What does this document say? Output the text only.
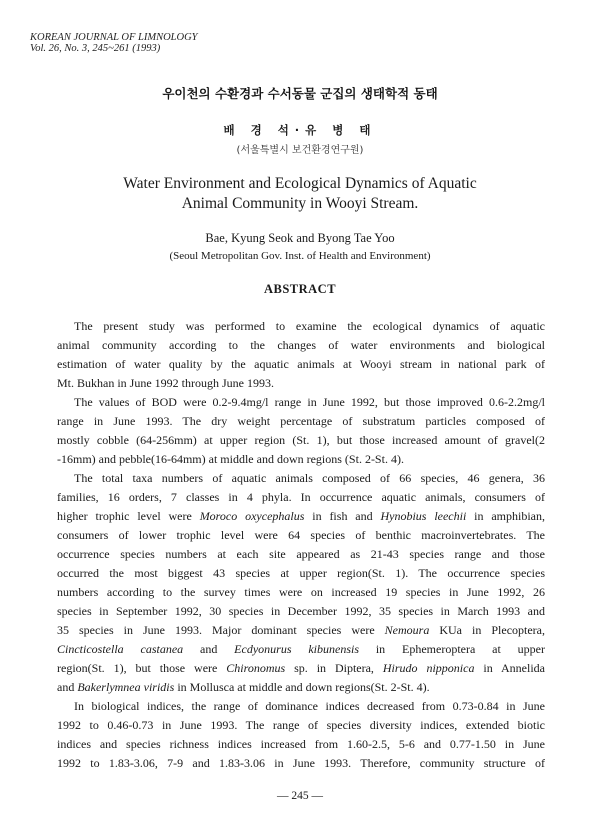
KOREAN JOURNAL OF LIMNOLOGY
Vol. 26, No. 3, 245~261 (1993)
우이천의 수환경과 수서동물 군집의 생태학적 동태
배 경 석·유 병 태
(서울특별시 보건환경연구원)
Water Environment and Ecological Dynamics of Aquatic
Animal Community in Wooyi Stream.
Bae, Kyung Seok and Byong Tae Yoo
(Seoul Metropolitan Gov. Inst. of Health and Environment)
ABSTRACT
The present study was performed to examine the ecological dynamics of aquatic
animal community according to the changes of water environments and biological
estimation of water quality by the aquatic animals at Wooyi stream in national park of
Mt. Bukhan in June 1992 through June 1993.
The values of BOD were 0.2-9.4mg/l range in June 1992, but those improved 0.6-2.2mg/l
range in June 1993. The dry weight percentage of substratum particles composed of
mostly cobble (64-256mm) at upper region (St. 1), but those increased amount of gravel(2
-16mm) and pebble(16-64mm) at middle and down regions (St. 2-St. 4).
The total taxa numbers of aquatic animals composed of 66 species, 46 genera, 36
families, 16 orders, 7 classes in 4 phyla. In occurrence aquatic animals, consumers of
higher trophic level were Moroco oxycephalus in fish and Hynobius leechii in amphibian,
consumers of lower trophic level were 64 species of benthic macroinvertebrates. The
occurrence species numbers at each site appeared as 21-43 species range and those
occurred the most biggest 43 species at upper region(St. 1). The occurrence species
numbers according to the survey times were on increased 19 species in June 1992, 26
species in September 1992, 30 species in December 1992, 35 species in March 1993 and
35 species in June 1993. Major dominant species were Nemoura KUa in Plecoptera,
Cincticostella castanea and Ecdyonurus kibunensis in Ephemeroptera at upper
region(St. 1), but those were Chironomus sp. in Diptera, Hirudo nipponica in Annelida
and Bakerlymnea viridis in Mollusca at middle and down regions(St. 2-St. 4).
In biological indices, the range of dominance indices decreased from 0.73-0.84 in June
1992 to 0.46-0.73 in June 1993. The range of species diversity indices, extended biotic
indices and species richness indices increased from 1.60-2.5, 5-6 and 0.77-1.50 in June
1992 to 1.83-3.06, 7-9 and 1.83-3.06 in June 1993. Therefore, community structure of
— 245 —
